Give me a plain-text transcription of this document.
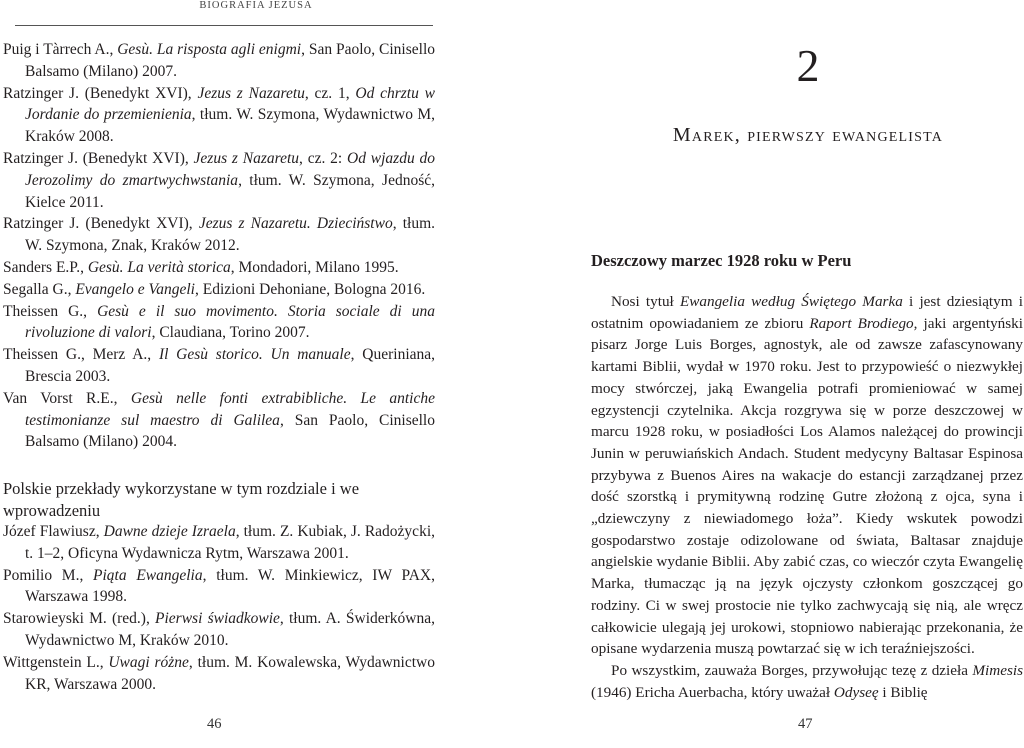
BIOGRAFIA JEZUSA
Puig i Tàrrech A., Gesù. La risposta agli enigmi, San Paolo, Cinisello Balsamo (Milano) 2007.
Ratzinger J. (Benedykt XVI), Jezus z Nazaretu, cz. 1, Od chrztu w Jordanie do przemienienia, tłum. W. Szymona, Wydawnictwo M, Kraków 2008.
Ratzinger J. (Benedykt XVI), Jezus z Nazaretu, cz. 2: Od wjazdu do Jerozolimy do zmartwychwstania, tłum. W. Szymona, Jedność, Kielce 2011.
Ratzinger J. (Benedykt XVI), Jezus z Nazaretu. Dzieciństwo, tłum. W. Szymona, Znak, Kraków 2012.
Sanders E.P., Gesù. La verità storica, Mondadori, Milano 1995.
Segalla G., Evangelo e Vangeli, Edizioni Dehoniane, Bologna 2016.
Theissen G., Gesù e il suo movimento. Storia sociale di una rivoluzione di valori, Claudiana, Torino 2007.
Theissen G., Merz A., Il Gesù storico. Un manuale, Queriniana, Brescia 2003.
Van Vorst R.E., Gesù nelle fonti extrabibliche. Le antiche testimonianze sul maestro di Galilea, San Paolo, Cinisello Balsamo (Milano) 2004.
Polskie przekłady wykorzystane w tym rozdziale i we wprowadzeniu
Józef Flawiusz, Dawne dzieje Izraela, tłum. Z. Kubiak, J. Radożycki, t. 1–2, Oficyna Wydawnicza Rytm, Warszawa 2001.
Pomilio M., Piąta Ewangelia, tłum. W. Minkiewicz, IW PAX, Warszawa 1998.
Starowieyski M. (red.), Pierwsi świadkowie, tłum. A. Świderkówna, Wydawnictwo M, Kraków 2010.
Wittgenstein L., Uwagi różne, tłum. M. Kowalewska, Wydawnictwo KR, Warszawa 2000.
46
2
Marek, pierwszy ewangelista
Deszczowy marzec 1928 roku w Peru

Nosi tytuł Ewangelia według Świętego Marka i jest dziesiątym i ostatnim opowiadaniem ze zbioru Raport Brodiego, jaki argentyński pisarz Jorge Luis Borges, agnostyk, ale od zawsze zafascynowany kartami Biblii, wydał w 1970 roku. Jest to przypowieść o niezwykłej mocy stwórczej, jaką Ewangelia potrafi promieniować w samej egzystencji czytelnika. Akcja rozgrywa się w porze deszczowej w marcu 1928 roku, w posiadłości Los Alamos należącej do prowincji Junin w peruwiańskich Andach. Student medycyny Baltasar Espinosa przybywa z Buenos Aires na wakacje do estancji zarządzanej przez dość szorstką i prymitywną rodzinę Gutre złożoną z ojca, syna i „dziewczyny z niewiadomego łoża”. Kiedy wskutek powodzi gospodarstwo zostaje odizolowane od świata, Baltasar znajduje angielskie wydanie Biblii. Aby zabić czas, co wieczór czyta Ewangelię Marka, tłumacząc ją na język ojczysty członkom goszczącej go rodziny. Ci w swej prostocie nie tylko zachwycają się nią, ale wręcz całkowicie ulegają jej urokowi, stopniowo nabierając przekonania, że opisane wydarzenia muszą powtarzać się w ich teraźniejszości.

Po wszystkim, zauważa Borges, przywołując tezę z dzieła Mimesis (1946) Ericha Auerbacha, który uważał Odyseę i Biblię

47
